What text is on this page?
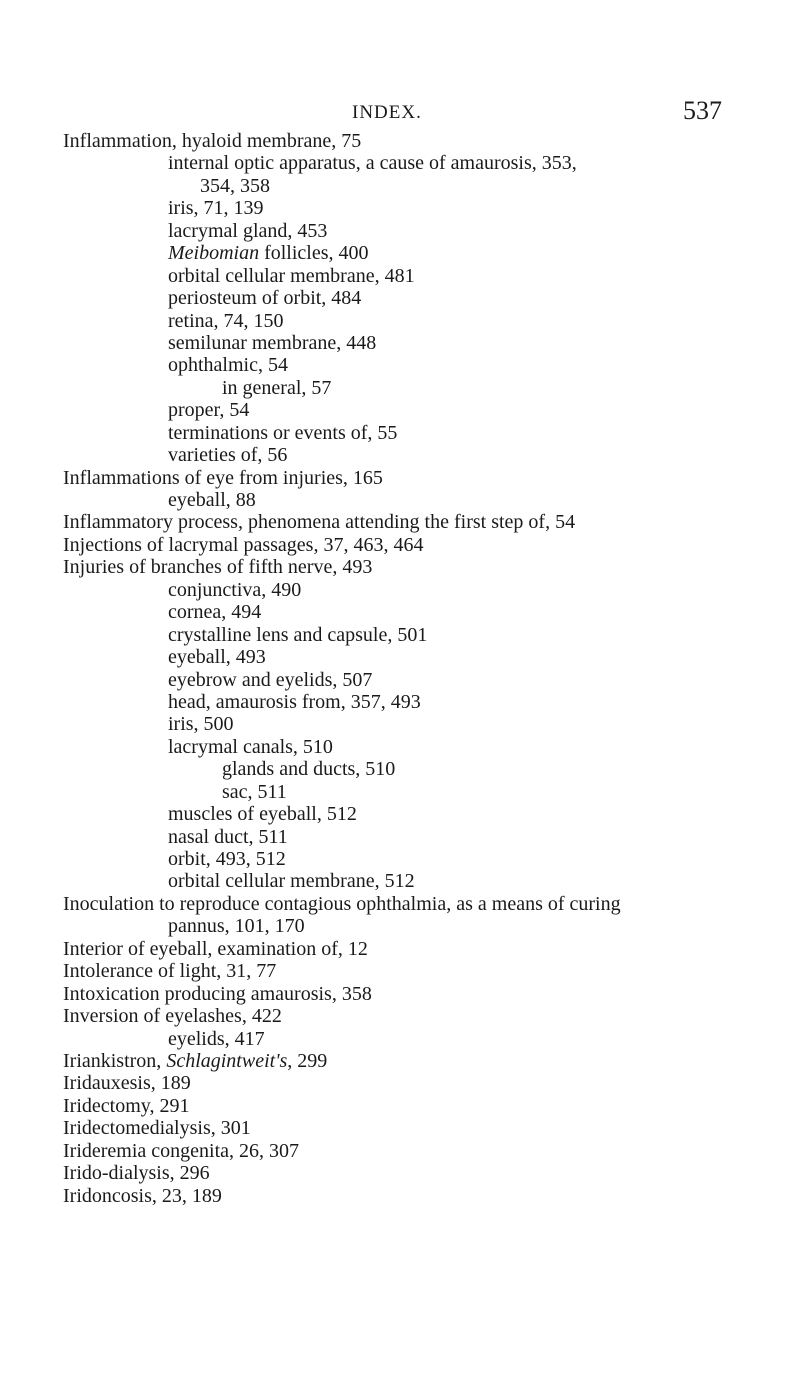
INDEX.	537
Inflammation, hyaloid membrane, 75
internal optic apparatus, a cause of amaurosis, 353,
354, 358
iris, 71, 139
lacrymal gland, 453
Meibomian follicles, 400
orbital cellular membrane, 481
periosteum of orbit, 484
retina, 74, 150
semilunar membrane, 448
ophthalmic, 54
in general, 57
proper, 54
terminations or events of, 55
varieties of, 56
Inflammations of eye from injuries, 165
eyeball, 88
Inflammatory process, phenomena attending the first step of, 54
Injections of lacrymal passages, 37, 463, 464
Injuries of branches of fifth nerve, 493
conjunctiva, 490
cornea, 494
crystalline lens and capsule, 501
eyeball, 493
eyebrow and eyelids, 507
head, amaurosis from, 357, 493
iris, 500
lacrymal canals, 510
glands and ducts, 510
sac, 511
muscles of eyeball, 512
nasal duct, 511
orbit, 493, 512
orbital cellular membrane, 512
Inoculation to reproduce contagious ophthalmia, as a means of curing
pannus, 101, 170
Interior of eyeball, examination of, 12
Intolerance of light, 31, 77
Intoxication producing amaurosis, 358
Inversion of eyelashes, 422
eyelids, 417
Iriankistron, Schlagintweit's, 299
Iridauxesis, 189
Iridectomy, 291
Iridectomedialysis, 301
Irideremia congenita, 26, 307
Irido-dialysis, 296
Iridoncosis, 23, 189
